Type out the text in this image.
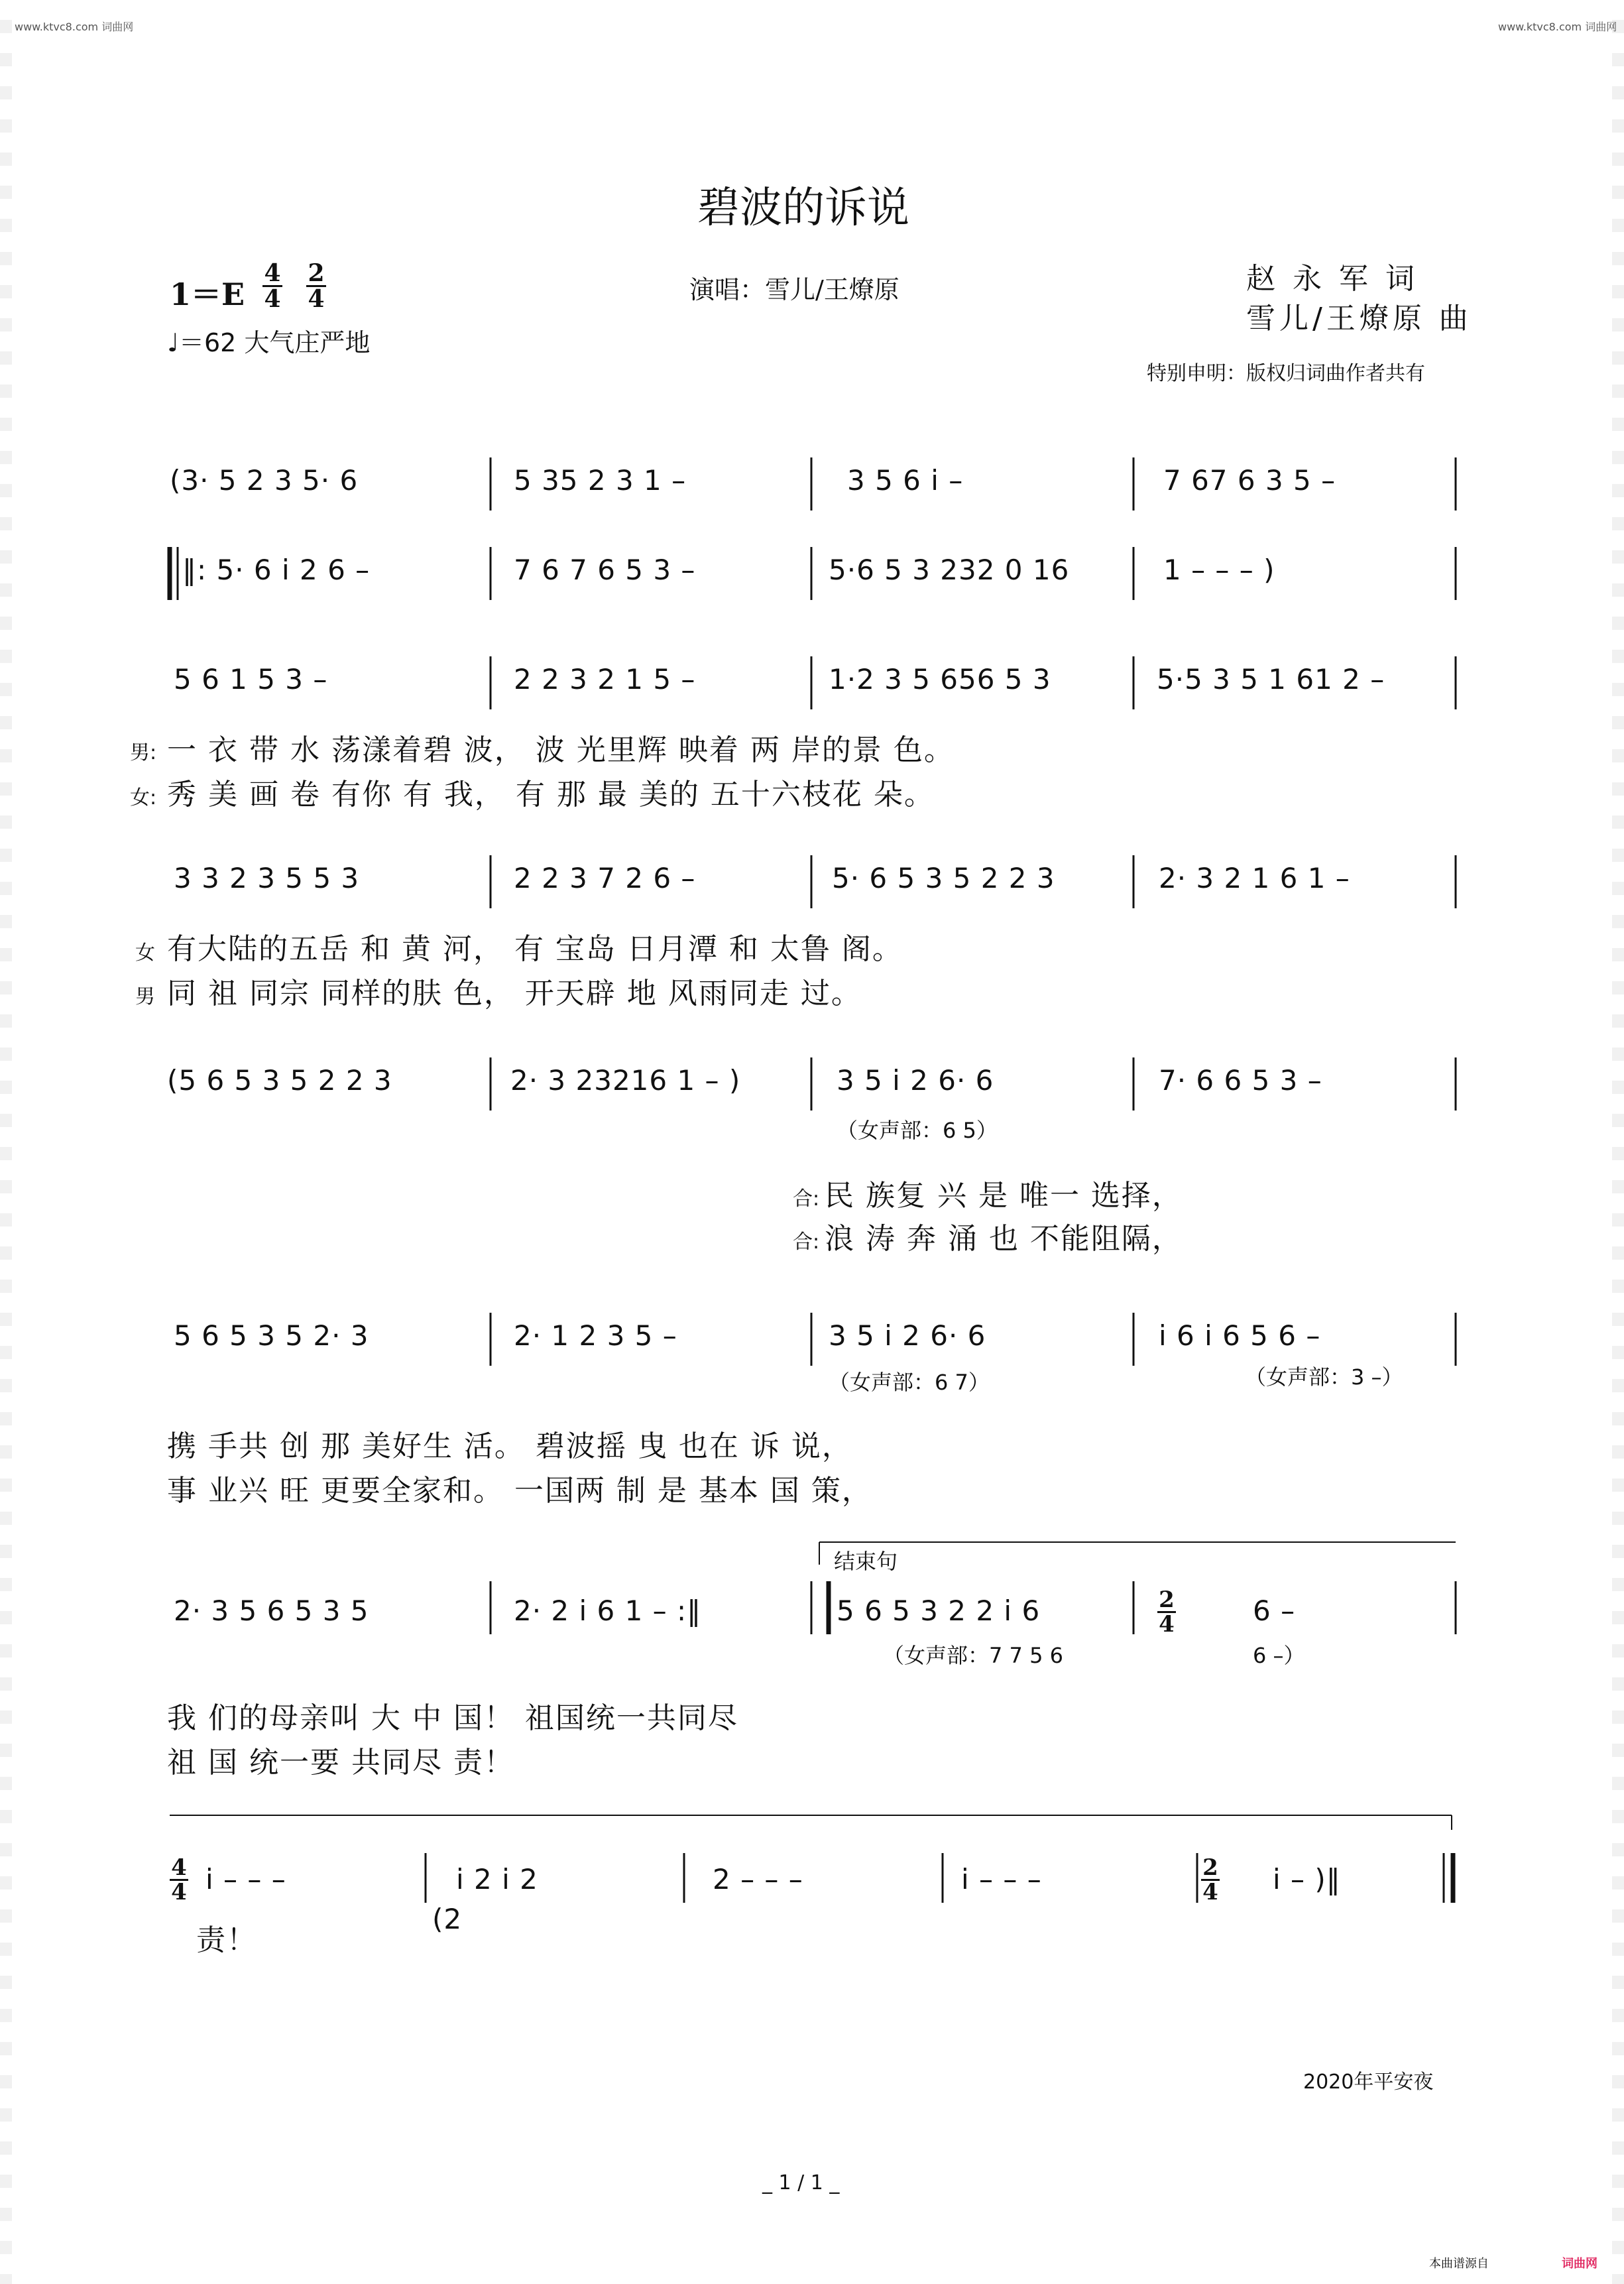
www.ktvc8.com 词曲网	www.ktvc8.com 词曲网
碧波的诉说
1＝E
4
4
2
4
♩＝62 大气庄严地
演唱：雪儿/王燎原	赵 永 军 词
雪儿/王燎原 曲
特别申明：版权归词曲作者共有
(3· 5 2 3 5· 6	5 35 2 3 1 –	3 5 6 i –	7 67 6 3 5 –
‖: 5· 6 i 2 6 –	7 6 7 6 5 3 –	5·6 5 3 232 0 16	1 – – – )
5 6 1 5 3 –	2 2 3 2 1 5 –	1·2 3 5 656 5 3	5·5 3 5 1 61 2 –
男: 一 衣 带 水 荡漾着碧 波， 波 光里辉 映着 两 岸的景 色。
女: 秀 美 画 卷 有你 有 我， 有 那 最 美的 五十六枝花 朵。
3 3 2 3 5 5 3	2 2 3 7 2 6 –	5· 6 5 3 5 2 2 3	2· 3 2 1 6 1 –
女 有大陆的五岳 和 黄 河， 有 宝岛 日月潭 和 太鲁 阁。
男 同 祖 同宗 同样的肤 色， 开天辟 地 风雨同走 过。
(5 6 5 3 5 2 2 3	2· 3 23216 1 – )	3 5 i 2 6· 6	7· 6 6 5 3 –
（女声部：6 5）
合: 民 族复 兴 是 唯一 选择，
合: 浪 涛 奔 涌 也 不能阻隔，
5 6 5 3 5 2· 3	2· 1 2 3 5 –	3 5 i 2 6· 6	i 6 i 6 5 6 –
（女声部：6 7）	（女声部：3 –）
携 手共 创 那 美好生 活。 碧波摇 曳 也在 诉 说，
事 业兴 旺 更要全家和。 一国两 制 是 基本 国 策，
结束句
2· 3 5 6 5 3 5	2· 2 i 6 1 – :‖	5 6 5 3 2 2 i 6	6 –
2
4
（女声部：7 7 5 6	6 –）
我 们的母亲叫 大 中 国！ 祖国统一共同尽
祖 国 统一要 共同尽 责！
4
4 i – – –	i 2 i 2	2 – – –	i – – –	2
4 i – )‖
(2
责！
2020年平安夜
_ 1 / 1 _
本曲谱源自	词曲网
